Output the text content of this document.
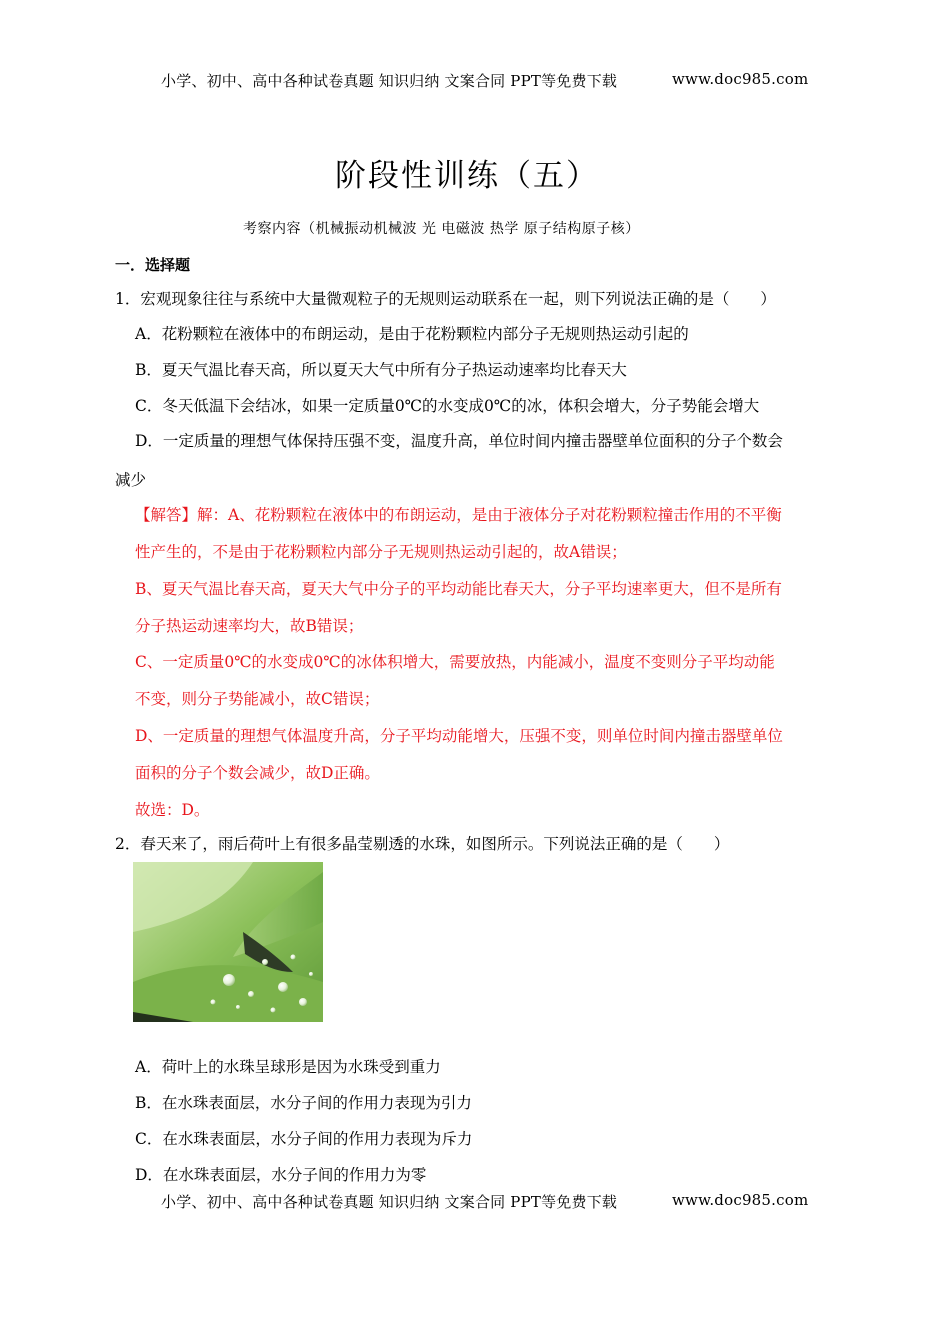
小学、初中、高中各种试卷真题 知识归纳 文案合同 PPT等免费下载	www.doc985.com
阶段性训练（五）
考察内容（机械振动机械波 光 电磁波 热学 原子结构原子核）
一．选择题
1．宏观现象往往与系统中大量微观粒子的无规则运动联系在一起，则下列说法正确的是（　　）
A．花粉颗粒在液体中的布朗运动，是由于花粉颗粒内部分子无规则热运动引起的
B．夏天气温比春天高，所以夏天大气中所有分子热运动速率均比春天大
C．冬天低温下会结冰，如果一定质量0℃的水变成0℃的冰，体积会增大，分子势能会增大
D．一定质量的理想气体保持压强不变，温度升高，单位时间内撞击器壁单位面积的分子个数会
减少
【解答】解：A、花粉颗粒在液体中的布朗运动，是由于液体分子对花粉颗粒撞击作用的不平衡
性产生的，不是由于花粉颗粒内部分子无规则热运动引起的，故A错误；
B、夏天气温比春天高，夏天大气中分子的平均动能比春天大，分子平均速率更大，但不是所有
分子热运动速率均大，故B错误；
C、一定质量0℃的水变成0℃的冰体积增大，需要放热，内能减小，温度不变则分子平均动能
不变，则分子势能减小，故C错误；
D、一定质量的理想气体温度升高，分子平均动能增大，压强不变，则单位时间内撞击器壁单位
面积的分子个数会减少，故D正确。
故选：D。
2．春天来了，雨后荷叶上有很多晶莹剔透的水珠，如图所示。下列说法正确的是（　　）
A．荷叶上的水珠呈球形是因为水珠受到重力
B．在水珠表面层，水分子间的作用力表现为引力
C．在水珠表面层，水分子间的作用力表现为斥力
D．在水珠表面层，水分子间的作用力为零
小学、初中、高中各种试卷真题 知识归纳 文案合同 PPT等免费下载	www.doc985.com
